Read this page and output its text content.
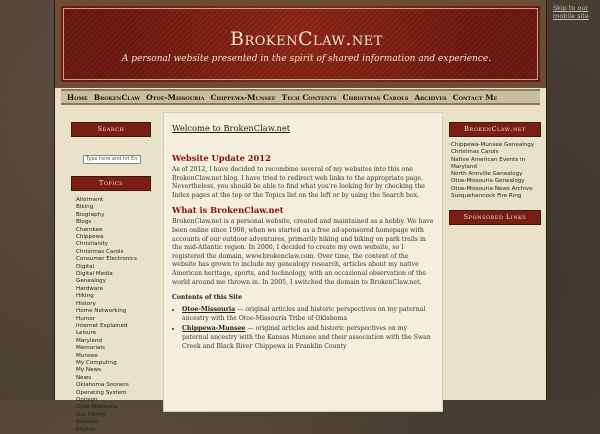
BrokenClaw.net
A personal website presented in the spirit of shared information and experience.
Home BrokenClaw Otoe-Missouria Chippewa-Munsee Tech Contents Christmas Carols Archives Contact Me
Search
Type here and hit Enter
Topics
Allotment
Biking
Biography
Blogs
Cherokee
Chippewa
Christianity
Christmas Carols
Consumer Electronics
Digital
Digital Media
Genealogy
Hardware
Hiking
History
Home Networking
Humor
Internet Explained
Leisure
Maryland
Memorials
Munsee
My Computing
My News
News
Oklahoma Sooners
Operating System
Opinion
Otoe-Missouria
Our Family
Pawnee
Photos
Welcome to BrokenClaw.net
Website Update 2012

As of 2012, I have decided to recombine several of my websites into this one BrokenClaw.net blog. I have tried to redirect web links to the appropriate page. Nevertheless, you should be able to find what you're looking for by checking the Index pages at the top or the Topics list on the left or by using the Search box.

What is BrokenClaw.net

BrokenClaw.net is a personal website, created and maintained as a hobby. We have been online since 1998, when we started as a free ad-sponsored homepage with accounts of our outdoor adventures, primarily hiking and biking on park trails in the mid-Atlantic region. In 2000, I decided to create my own website, so I registered the domain, www.brokenclaw.com. Over time, the content of the website has grown to include my genealogy research, articles about my native American heritage, sports, and technology, with an occasional observation of the world around me thrown in. In 2005, I switched the domain to BrokenClaw.net.

Contents of this Site
• Otoe-Missouria — original articles and historic perspectives on my paternal ancestry with the Otoe-Missouria Tribe of Oklahoma
• Chippewa-Munsee — original articles and historic perspectives on my paternal ancestry with the Kansas Munsee and their association with the Swan Creek and Black River Chippewa in Franklin County
BrokenClaw.net
Chippewa-Munsee Genealogy
Christmas Carols
Native American Events in Maryland
North Annville Genealogy
Otoe-Missouria Genealogy
Otoe-Missouria News Archive
Susquehannock Fire Ring
Sponsored Links
Skip to our mobile site
